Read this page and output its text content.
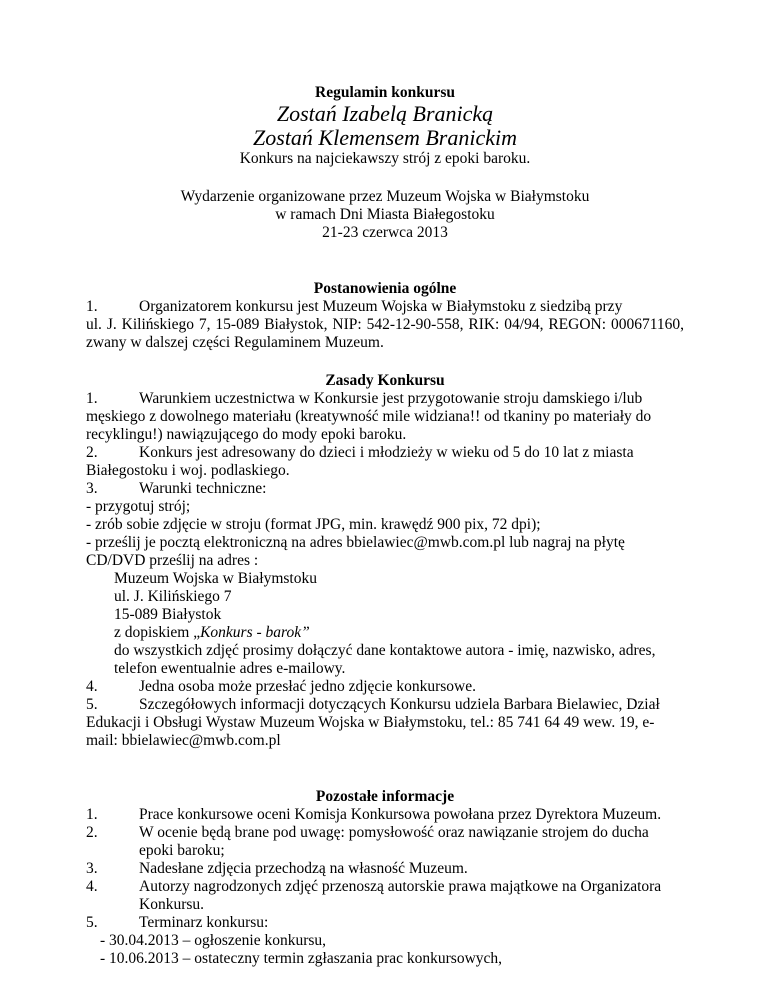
Regulamin konkursu
Zostań Izabelą Branicką
Zostań Klemensem Branickim
Konkurs na najciekawszy strój z epoki baroku.
Wydarzenie organizowane przez Muzeum Wojska w Białymstoku
w ramach Dni Miasta Białegostoku
21-23 czerwca 2013
Postanowienia ogólne
1.	Organizatorem konkursu jest Muzeum Wojska w Białymstoku z siedzibą przy
ul. J. Kilińskiego 7, 15-089 Białystok, NIP: 542-12-90-558, RIK: 04/94, REGON: 000671160, zwany w dalszej części Regulaminem Muzeum.
Zasady Konkursu
1.	Warunkiem uczestnictwa w Konkursie jest przygotowanie stroju damskiego i/lub
męskiego z dowolnego materiału (kreatywność mile widziana!! od tkaniny po materiały do recyklingu!) nawiązującego do mody epoki baroku.
2.	Konkurs jest adresowany do dzieci i młodzieży w wieku od 5 do 10 lat z miasta
Białegostoku i woj. podlaskiego.
3.	Warunki techniczne:
- przygotuj strój;
- zrób sobie zdjęcie w stroju (format JPG, min. krawędź 900 pix, 72 dpi);
- prześlij je pocztą elektroniczną na adres bbielawiec@mwb.com.pl lub nagraj na płytę CD/DVD prześlij na adres :
Muzeum Wojska w Białymstoku
ul. J. Kilińskiego 7
15-089 Białystok
z dopiskiem „Konkurs - barok”
do wszystkich zdjęć prosimy dołączyć dane kontaktowe autora - imię, nazwisko, adres, telefon ewentualnie adres e-mailowy.
4.	Jedna osoba może przesłać jedno zdjęcie konkursowe.
5.	Szczegółowych informacji dotyczących Konkursu udziela Barbara Bielawiec, Dział
Edukacji i Obsługi Wystaw Muzeum Wojska w Białymstoku, tel.: 85 741 64 49 wew. 19, e-mail: bbielawiec@mwb.com.pl
Pozostałe informacje
1.	Prace konkursowe oceni Komisja Konkursowa powołana przez Dyrektora Muzeum.
2.	W ocenie będą brane pod uwagę: pomysłowość oraz nawiązanie strojem do ducha epoki baroku;
3.	Nadesłane zdjęcia przechodzą na własność Muzeum.
4.	Autorzy nagrodzonych zdjęć przenoszą autorskie prawa majątkowe na Organizatora Konkursu.
5.	Terminarz konkursu:
- 30.04.2013 – ogłoszenie konkursu,
- 10.06.2013 – ostateczny termin zgłaszania prac konkursowych,
